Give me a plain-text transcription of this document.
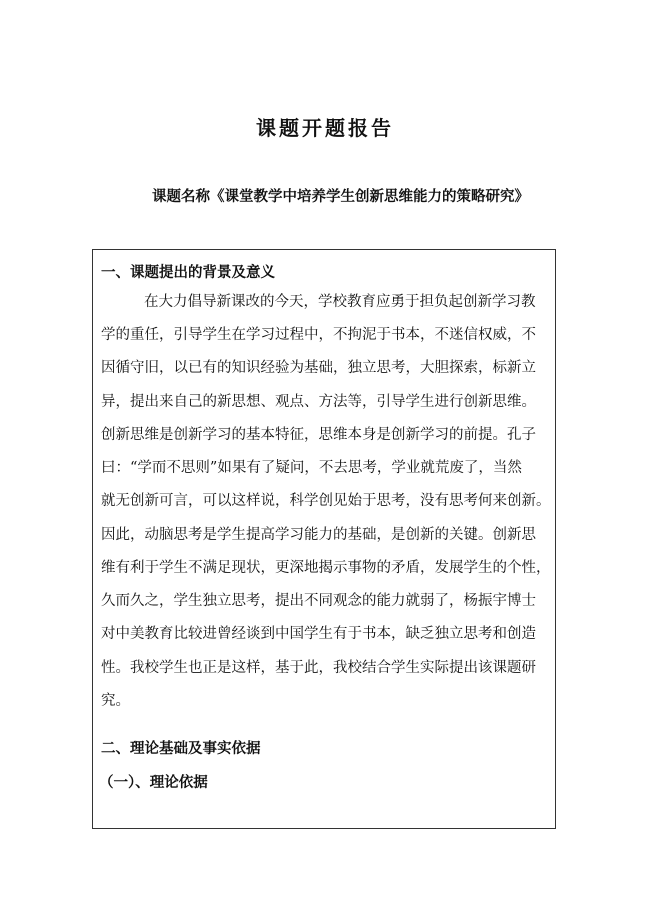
课题开题报告
课题名称《课堂教学中培养学生创新思维能力的策略研究》
一、课题提出的背景及意义
在大力倡导新课改的今天，学校教育应勇于担负起创新学习教
学的重任，引导学生在学习过程中，不拘泥于书本，不迷信权威，不
因循守旧，以已有的知识经验为基础，独立思考，大胆探索，标新立
异，提出来自己的新思想、观点、方法等，引导学生进行创新思维。
创新思维是创新学习的基本特征，思维本身是创新学习的前提。孔子
曰：“学而不思则”如果有了疑问，不去思考，学业就荒废了，当然
就无创新可言，可以这样说，科学创见始于思考，没有思考何来创新。
因此，动脑思考是学生提高学习能力的基础，是创新的关键。创新思
维有利于学生不满足现状，更深地揭示事物的矛盾，发展学生的个性，
久而久之，学生独立思考，提出不同观念的能力就弱了，杨振宇博士
对中美教育比较进曾经谈到中国学生有于书本，缺乏独立思考和创造
性。我校学生也正是这样，基于此，我校结合学生实际提出该课题研
究。
二、理论基础及事实依据
（一）、理论依据
